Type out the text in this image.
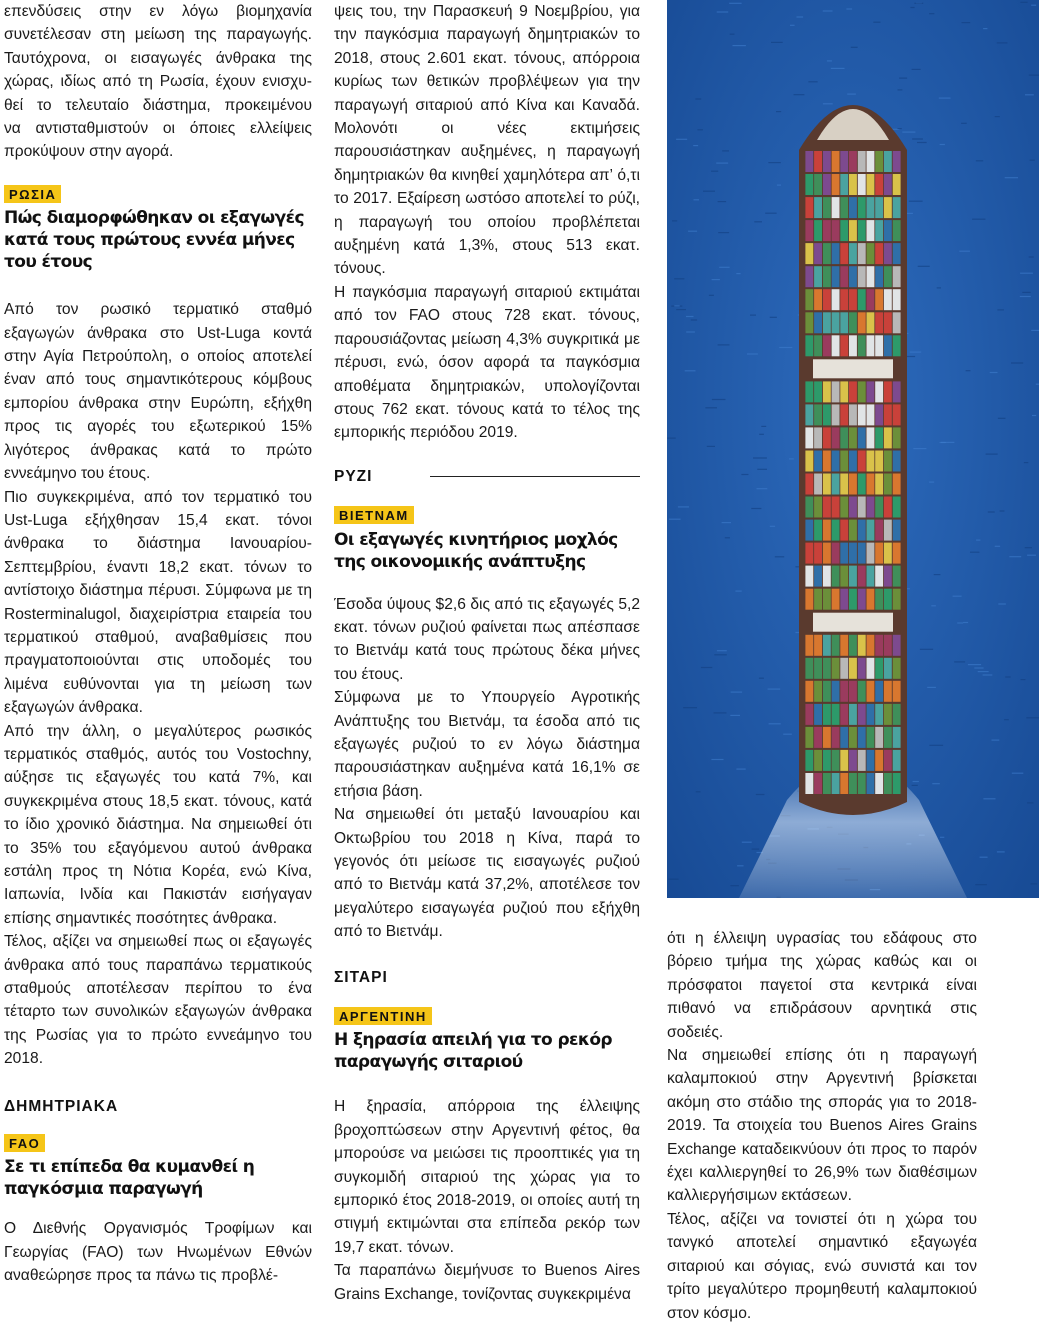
επενδύσεις στην εν λόγω βιομηχανία
συνετέλεσαν στη μείωση της παραγωγής.
Ταυτόχρονα, οι εισαγωγές άνθρακα της
χώρας, ιδίως από τη Ρωσία, έχουν ενισχυ-
θεί το τελευταίο διάστημα, προκειμένου
να αντισταθμιστούν οι όποιες ελλείψεις
προκύψουν στην αγορά.
ΡΩΣΙΑ
Πώς διαμορφώθηκαν οι εξαγωγές κατά τους πρώτους εννέα μήνες του έτους

Από τον ρωσικό τερματικό σταθμό εξαγωγών άνθρακα στο Ust-Luga κοντά στην Αγία Πετρούπολη, ο οποίος αποτελεί έναν από τους σημαντικότερους κόμβους εμπορίου άνθρακα στην Ευρώπη, εξήχθη προς τις αγορές του εξωτερικού 15% λιγότερος άνθρακας κατά το πρώτο εννεάμηνο του έτους.

Πιο συγκεκριμένα, από τον τερματικό του Ust-Luga εξήχθησαν 15,4 εκατ. τόνοι άνθρακα το διάστημα Ιανουαρίου-Σεπτεμβρίου, έναντι 18,2 εκατ. τόνων το αντίστοιχο διάστημα πέρυσι. Σύμφωνα με τη Rosterminalugol, διαχειρίστρια εταιρεία του τερματικού σταθμού, αναβαθμίσεις που πραγματοποιούνται στις υποδομές του λιμένα ευθύνονται για τη μείωση των εξαγωγών άνθρακα.

Από την άλλη, ο μεγαλύτερος ρωσικός τερματικός σταθμός, αυτός του Vostochny, αύξησε τις εξαγωγές του κατά 7%, και συγκεκριμένα στους 18,5 εκατ. τόνους, κατά το ίδιο χρονικό διάστημα. Να σημειωθεί ότι το 35% του εξαγόμενου αυτού άνθρακα εστάλη προς τη Νότια Κορέα, ενώ Κίνα, Ιαπωνία, Ινδία και Πακιστάν εισήγαγαν επίσης σημαντικές ποσότητες άνθρακα.

Τέλος, αξίζει να σημειωθεί πως οι εξαγωγές άνθρακα από τους παραπάνω τερματικούς σταθμούς αποτέλεσαν περίπου το ένα τέταρτο των συνολικών εξαγωγών άνθρακα της Ρωσίας για το πρώτο εννεάμηνο του 2018.

ΔΗΜΗΤΡΙΑΚΑ
FAO
Σε τι επίπεδα θα κυμανθεί η παγκόσμια παραγωγή

Ο Διεθνής Οργανισμός Τροφίμων και Γεωργίας (FAO) των Ηνωμένων Εθνών αναθεώρησε προς τα πάνω τις προβλέ-

ψεις του, την Παρασκευή 9 Νοεμβρίου, για την παγκόσμια παραγωγή δημητριακών το 2018, στους 2.601 εκατ. τόνους, απόρροια κυρίως των θετικών προβλέψεων για την παραγωγή σιταριού από Κίνα και Καναδά. Μολονότι οι νέες εκτιμήσεις παρουσιάστηκαν αυξημένες, η παραγωγή δημητριακών θα κινηθεί χαμηλότερα απ’ ό,τι το 2017. Εξαίρεση ωστόσο αποτελεί το ρύζι, η παραγωγή του οποίου προβλέπεται αυξημένη κατά 1,3%, στους 513 εκατ. τόνους.

Η παγκόσμια παραγωγή σιταριού εκτιμάται από τον FAO στους 728 εκατ. τόνους, παρουσιάζοντας μείωση 4,3% συγκριτικά με πέρυσι, ενώ, όσον αφορά τα παγκόσμια αποθέματα δημητριακών, υπολογίζονται στους 762 εκατ. τόνους κατά το τέλος της εμπορικής περιόδου 2019.

ΡΥΖΙ
ΒΙΕΤΝΑΜ
Οι εξαγωγές κινητήριος μοχλός της οικονομικής ανάπτυξης

Έσοδα ύψους $2,6 δις από τις εξαγωγές 5,2 εκατ. τόνων ρυζιού φαίνεται πως απέσπασε το Βιετνάμ κατά τους πρώτους δέκα μήνες του έτους.

Σύμφωνα με το Υπουργείο Αγροτικής Ανάπτυξης του Βιετνάμ, τα έσοδα από τις εξαγωγές ρυζιού το εν λόγω διάστημα παρουσιάστηκαν αυξημένα κατά 16,1% σε ετήσια βάση.

Να σημειωθεί ότι μεταξύ Ιανουαρίου και Οκτωβρίου του 2018 η Κίνα, παρά το γεγονός ότι μείωσε τις εισαγωγές ρυζιού από το Βιετνάμ κατά 37,2%, αποτέλεσε τον μεγαλύτερο εισαγωγέα ρυζιού που εξήχθη από το Βιετνάμ.

ΣΙΤΑΡΙ
ΑΡΓΕΝΤΙΝΗ
Η ξηρασία απειλή για το ρεκόρ παραγωγής σιταριού

Η ξηρασία, απόρροια της έλλειψης βροχοπτώσεων στην Αργεντινή φέτος, θα μπορούσε να μειώσει τις προοπτικές για τη συγκομιδή σιταριού της χώρας για το εμπορικό έτος 2018-2019, οι οποίες αυτή τη στιγμή εκτιμώνται στα επίπεδα ρεκόρ των 19,7 εκατ. τόνων.

Τα παραπάνω διεμήνυσε το Buenos Aires Grains Exchange, τονίζοντας συγκεκριμένα

ότι η έλλειψη υγρασίας του εδάφους στο βόρειο τμήμα της χώρας καθώς και οι πρόσφατοι παγετοί στα κεντρικά είναι πιθανό να επιδράσουν αρνητικά στις σοδειές.

Να σημειωθεί επίσης ότι η παραγωγή καλαμποκιού στην Αργεντινή βρίσκεται ακόμη στο στάδιο της σποράς για το 2018-2019. Τα στοιχεία του Buenos Aires Grains Exchange καταδεικνύουν ότι προς το παρόν έχει καλλιεργηθεί το 26,9% των διαθέσιμων καλλιεργήσιμων εκτάσεων.

Τέλος, αξίζει να τονιστεί ότι η χώρα του τανγκό αποτελεί σημαντικό εξαγωγέα σιταριού και σόγιας, ενώ συνιστά και τον τρίτο μεγαλύτερο προμηθευτή καλαμποκιού στον κόσμο.
